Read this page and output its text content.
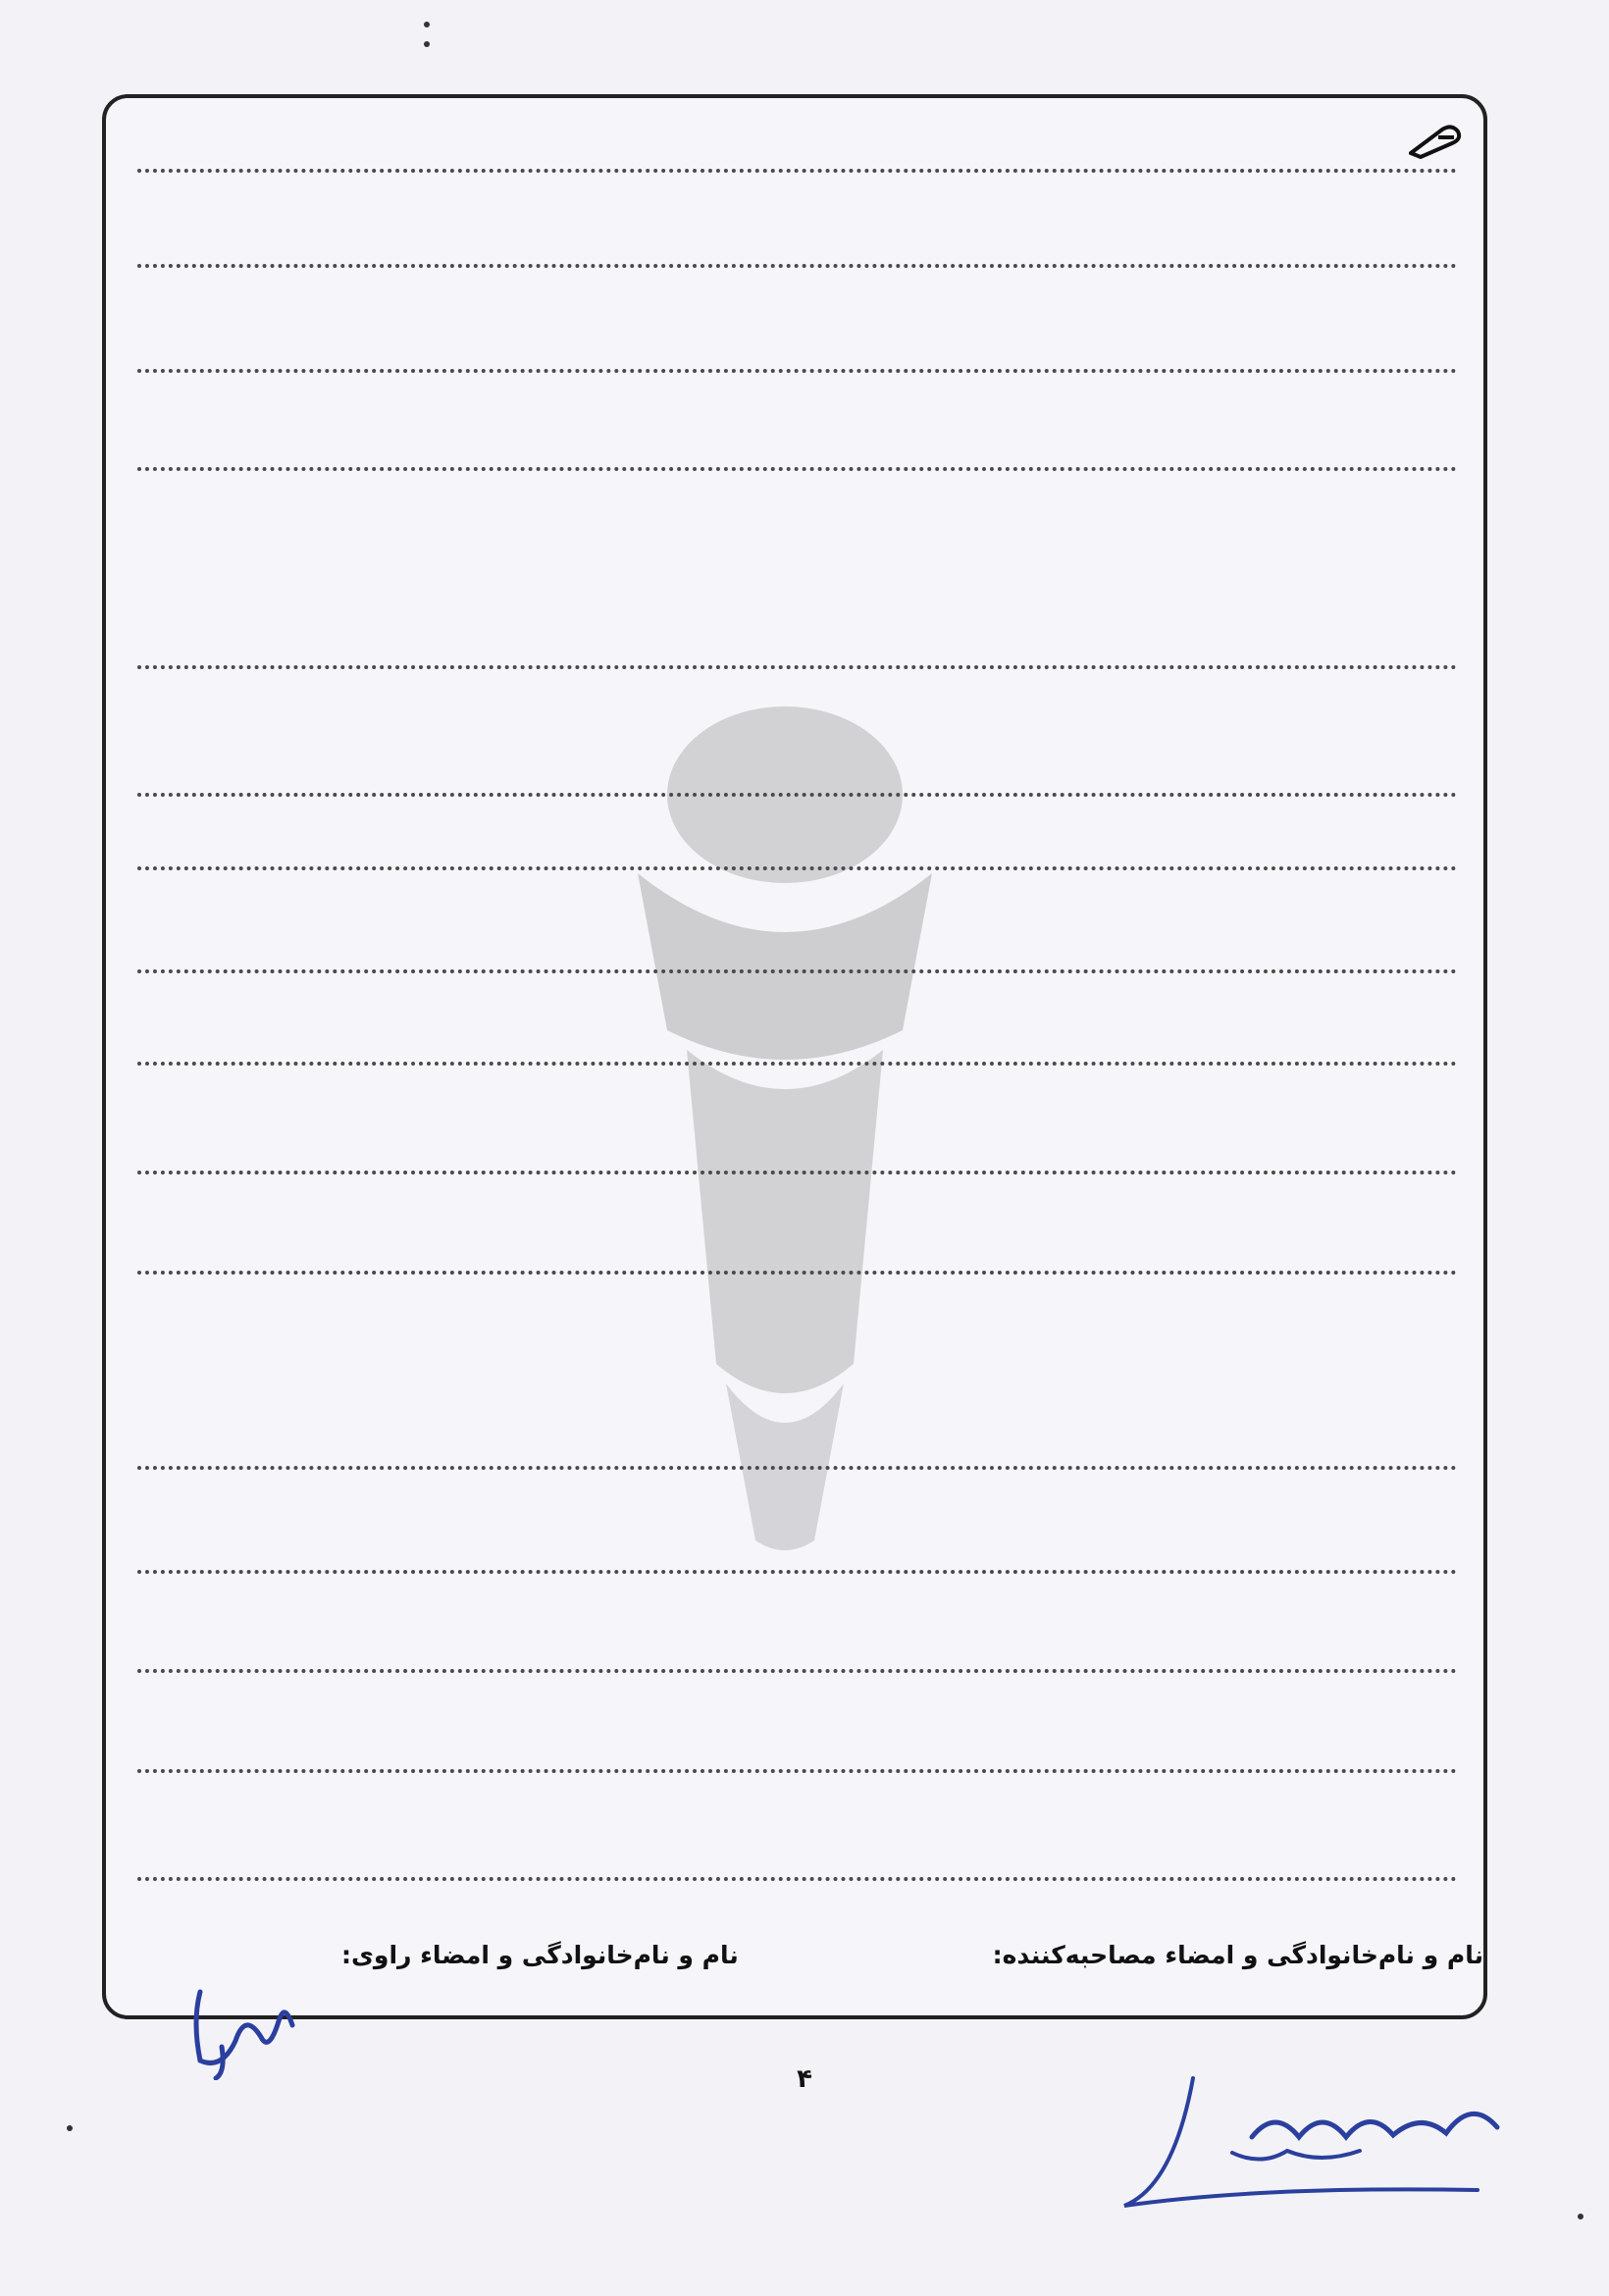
نام و نام‌خانوادگی و امضاء مصاحبه‌کننده:
نام و نام‌خانوادگی و امضاء راوی:
۴
